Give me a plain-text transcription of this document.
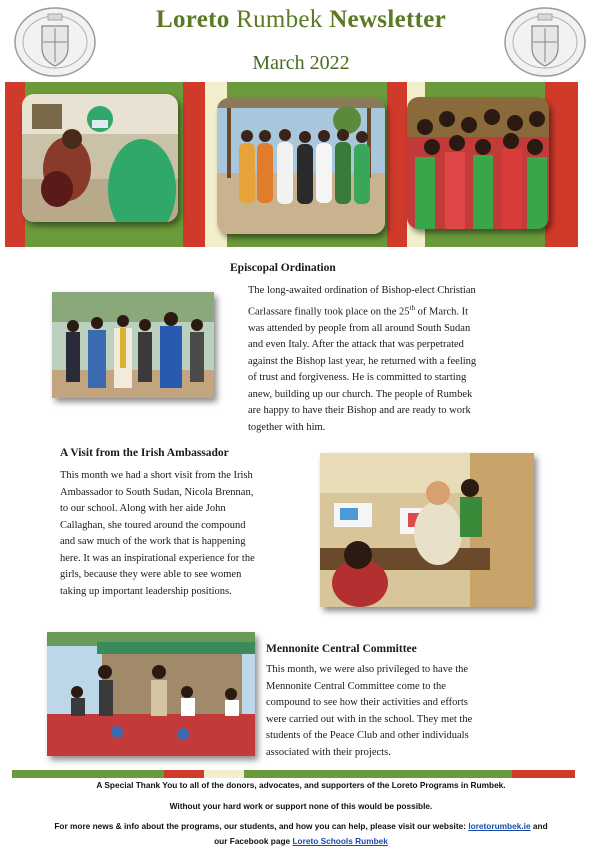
Loreto Rumbek Newsletter
March 2022
Episcopal Ordination
The long-awaited ordination of Bishop-elect Christian
Carlassare finally took place on the 25th of March. It
was attended by people from all around South Sudan
and even Italy. After the attack that was perpetrated
against the Bishop last year, he returned with a feeling
of trust and forgiveness. He is committed to starting
anew, building up our church. The people of Rumbek
are happy to have their Bishop and are ready to work
together with him.
A Visit from the Irish Ambassador
This month we had a short visit from the Irish
Ambassador to South Sudan, Nicola Brennan,
to our school. Along with her aide John
Callaghan, she toured around the compound
and saw much of the work that is happening
here. It was an inspirational experience for the
girls, because they were able to see women
taking up important leadership positions.
Mennonite Central Committee
This month, we were also privileged to have the
Mennonite Central Committee come to the
compound to see how their activities and efforts
were carried out with in the school. They met the
students of the Peace Club and other individuals
associated with their projects.
A Special Thank You to all of the donors, advocates, and supporters of the Loreto Programs in Rumbek.
Without your hard work or support none of this would be possible.
For more news & info about the programs, our students, and how you can help, please visit our website: loretorumbek.ie and
our Facebook page Loreto Schools Rumbek
